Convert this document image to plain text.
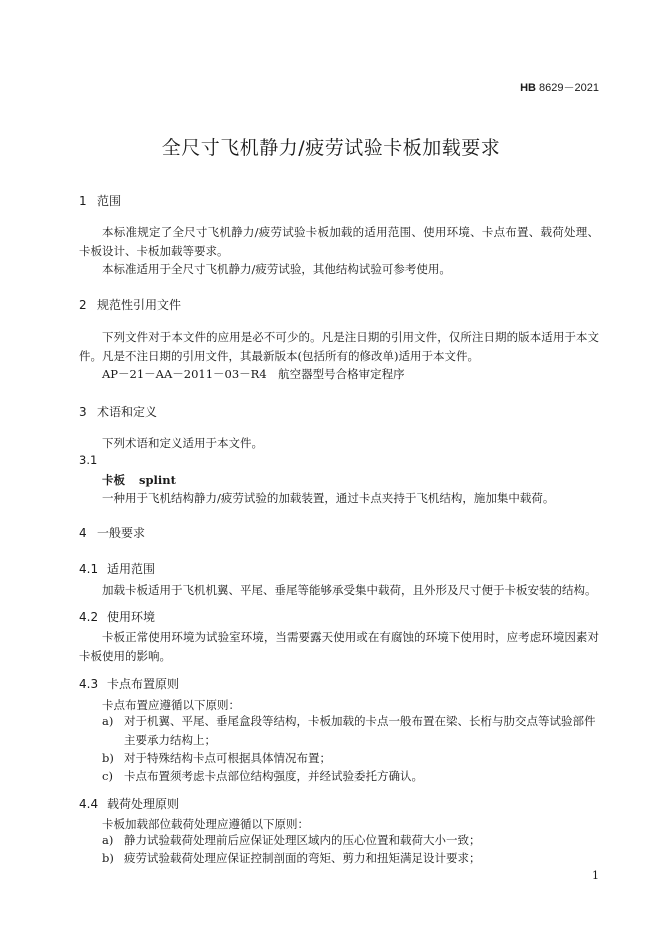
HB 8629－2021
全尺寸飞机静力/疲劳试验卡板加载要求
1 范围
本标准规定了全尺寸飞机静力/疲劳试验卡板加载的适用范围、使用环境、卡点布置、载荷处理、卡板设计、卡板加载等要求。
本标准适用于全尺寸飞机静力/疲劳试验，其他结构试验可参考使用。
2 规范性引用文件
下列文件对于本文件的应用是必不可少的。凡是注日期的引用文件，仅所注日期的版本适用于本文件。凡是不注日期的引用文件，其最新版本(包括所有的修改单)适用于本文件。
AP－21－AA－2011－03－R4　航空器型号合格审定程序
3 术语和定义
下列术语和定义适用于本文件。
3.1
卡板 splint
一种用于飞机结构静力/疲劳试验的加载装置，通过卡点夹持于飞机结构，施加集中载荷。
4 一般要求
4.1 适用范围
加载卡板适用于飞机机翼、平尾、垂尾等能够承受集中载荷，且外形及尺寸便于卡板安装的结构。
4.2 使用环境
卡板正常使用环境为试验室环境，当需要露天使用或在有腐蚀的环境下使用时，应考虑环境因素对卡板使用的影响。
4.3 卡点布置原则
卡点布置应遵循以下原则：
a) 对于机翼、平尾、垂尾盒段等结构，卡板加载的卡点一般布置在梁、长桁与肋交点等试验部件主要承力结构上；
b) 对于特殊结构卡点可根据具体情况布置；
c) 卡点布置须考虑卡点部位结构强度，并经试验委托方确认。
4.4 载荷处理原则
卡板加载部位载荷处理应遵循以下原则：
a) 静力试验载荷处理前后应保证处理区域内的压心位置和载荷大小一致；
b) 疲劳试验载荷处理应保证控制剖面的弯矩、剪力和扭矩满足设计要求；
1
